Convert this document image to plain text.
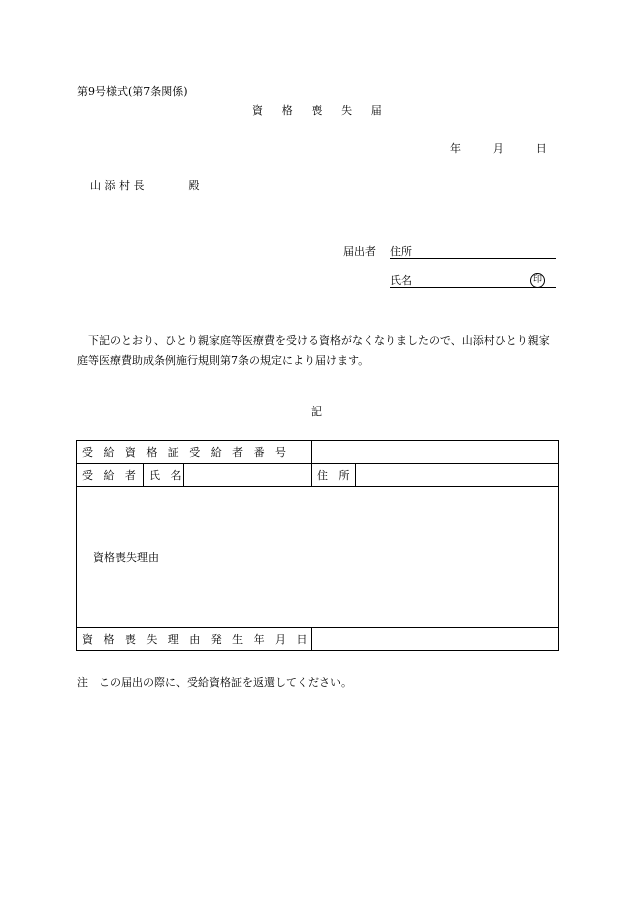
第9号様式(第7条関係)
資　格　喪　失　届
年　　月　　日
山 添 村 長　　　　殿
届出者 住所
氏名	印
下記のとおり、ひとり親家庭等医療費を受ける資格がなくなりましたので、山添村ひとり親家庭等医療費助成条例施行規則第7条の規定により届けます。
記
受給資格証受給者番号				
受給者	氏名		住所	
資格喪失理由				
資格喪失理由発生年月日				
注　この届出の際に、受給資格証を返還してください。
